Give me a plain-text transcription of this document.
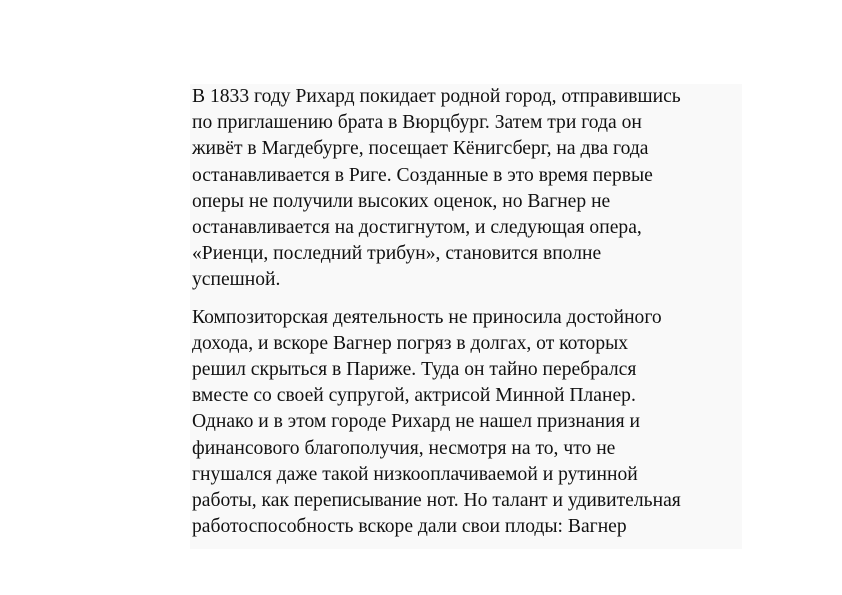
В 1833 году Рихард покидает родной город, отправившись
по приглашению брата в Вюрцбург. Затем три года он
живёт в Магдебурге, посещает Кёнигсберг, на два года
останавливается в Риге. Созданные в это время первые
оперы не получили высоких оценок, но Вагнер не
останавливается на достигнутом, и следующая опера,
«Риенци, последний трибун», становится вполне
успешной.
Композиторская деятельность не приносила достойного
дохода, и вскоре Вагнер погряз в долгах, от которых
решил скрыться в Париже. Туда он тайно перебрался
вместе со своей супругой, актрисой Минной Планер.
Однако и в этом городе Рихард не нашел признания и
финансового благополучия, несмотря на то, что не
гнушался даже такой низкооплачиваемой и рутинной
работы, как переписывание нот. Но талант и удивительная
работоспособность вскоре дали свои плоды: Вагнер
